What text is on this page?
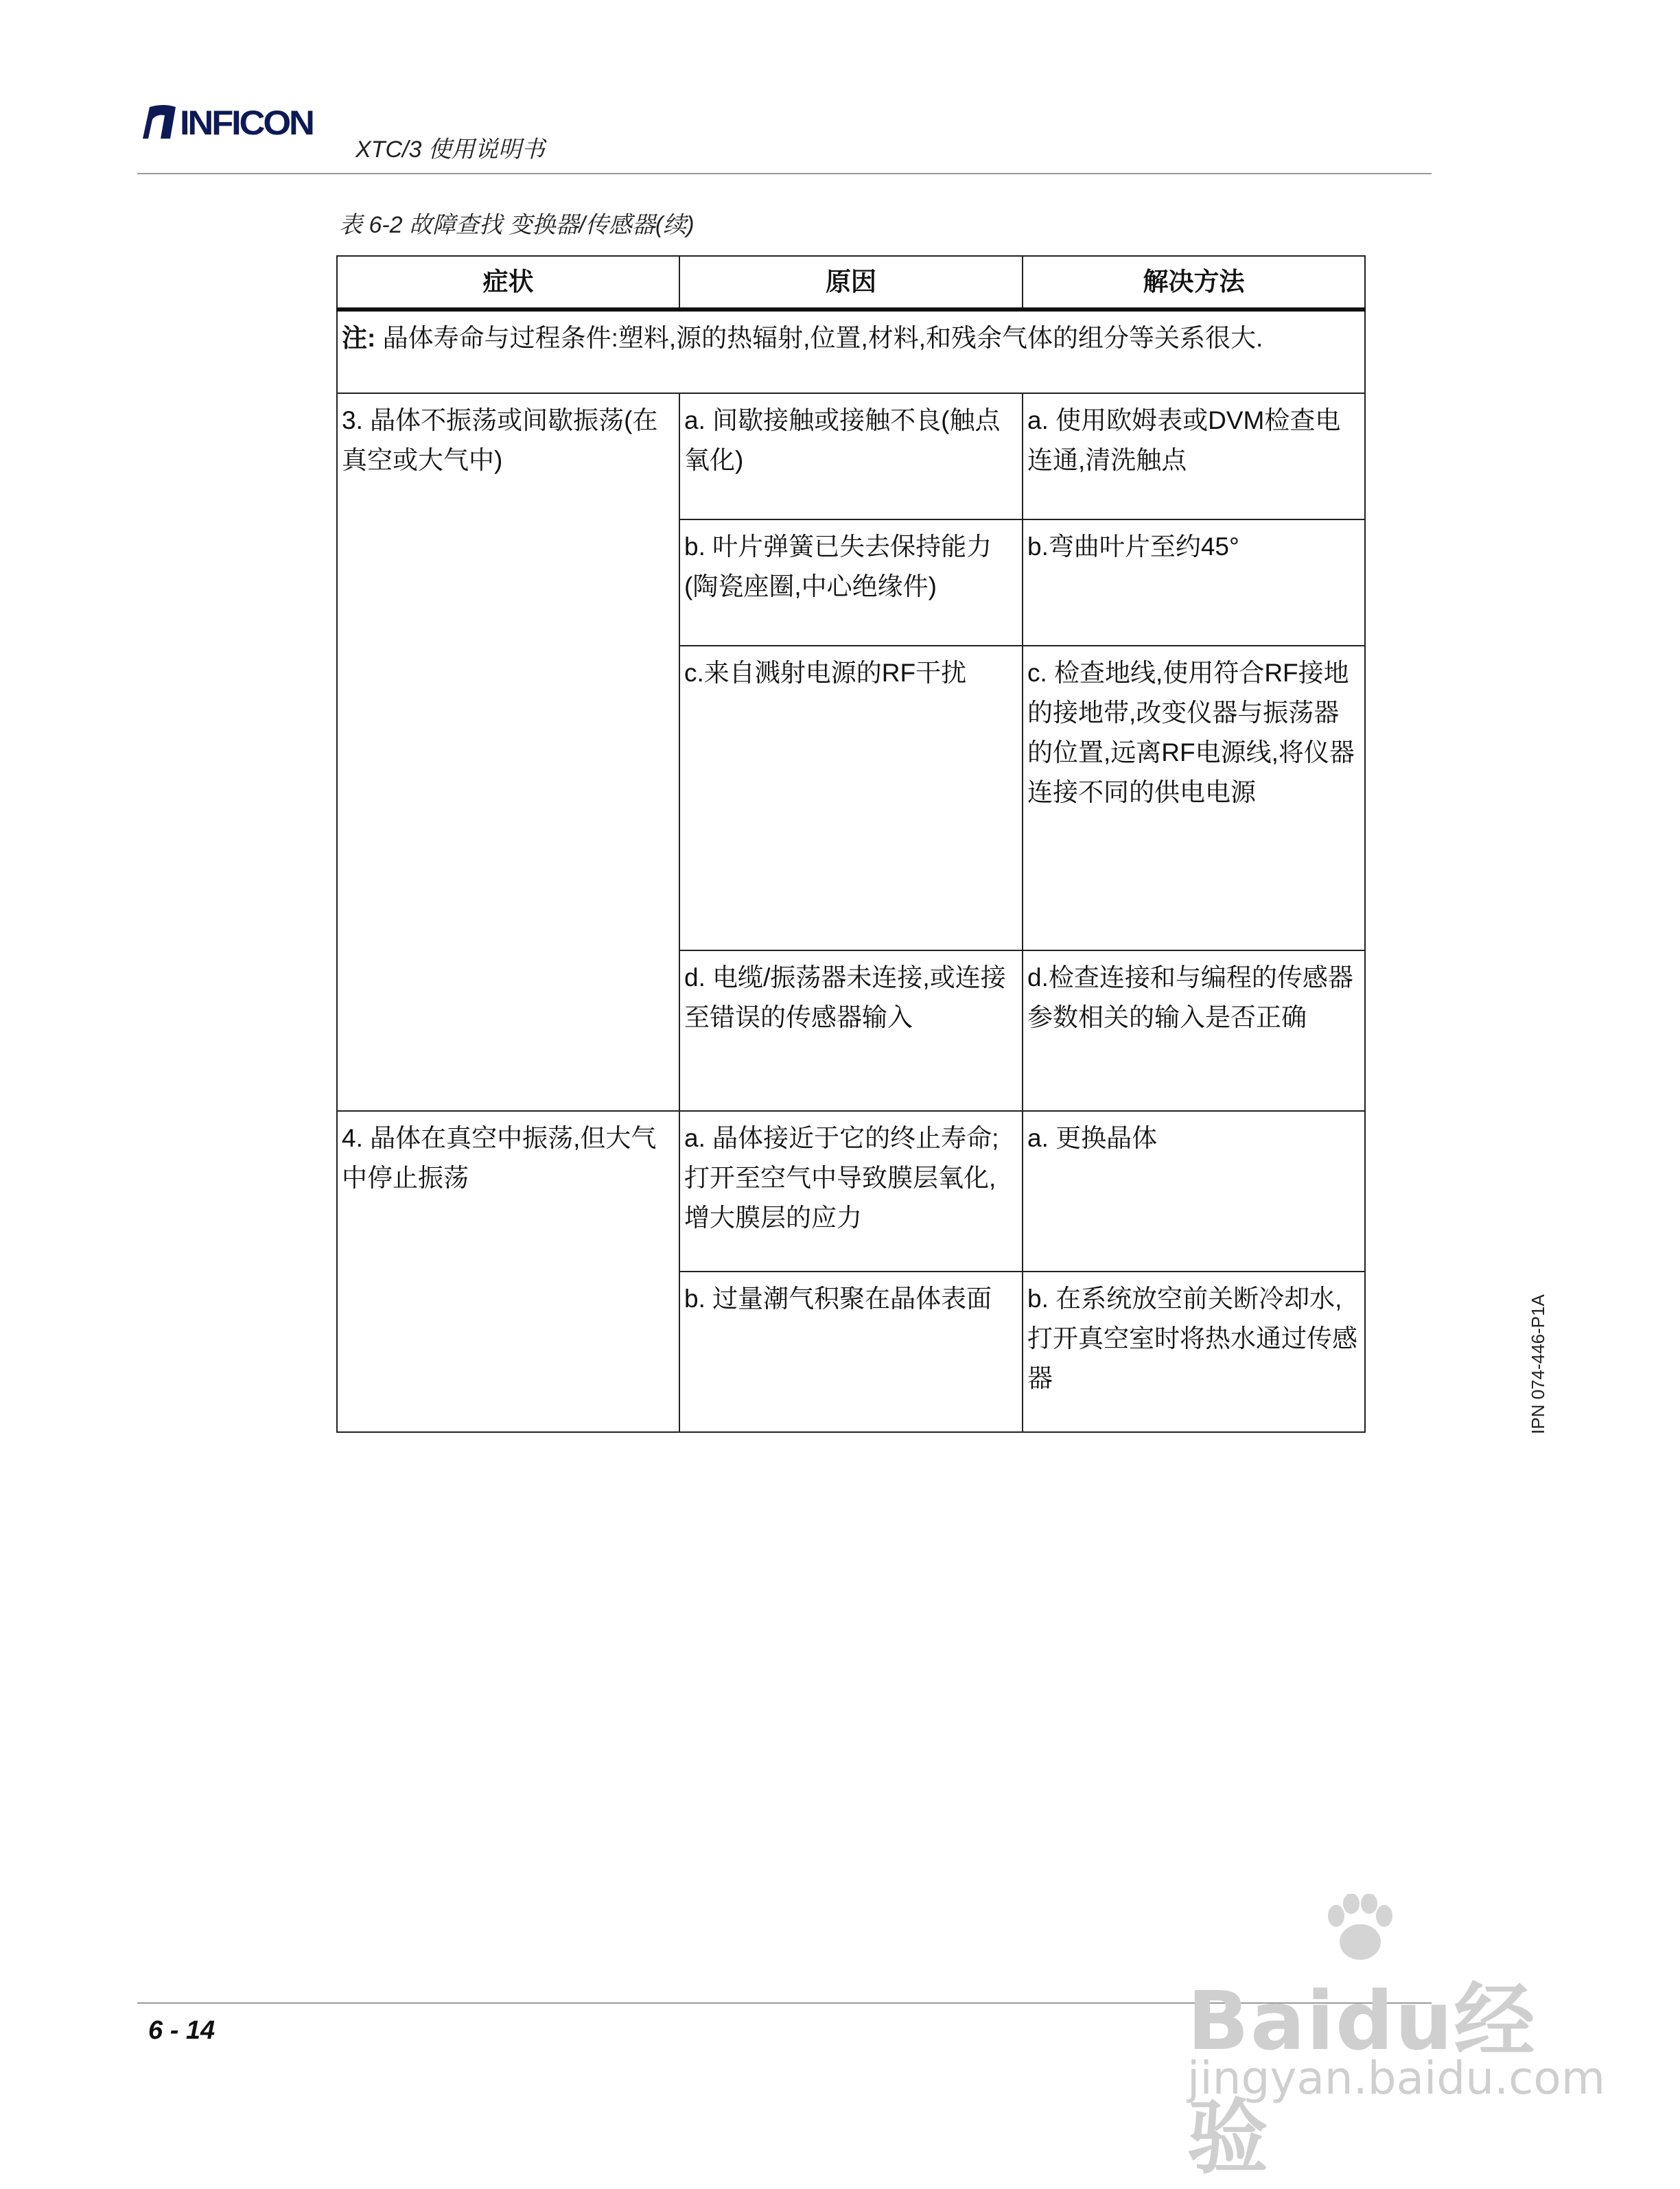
INFICON
XTC/3 使用说明书
表 6-2 故障查找 变换器/传感器(续)
症状	原因	解决方法
注: 晶体寿命与过程条件:塑料,源的热辐射,位置,材料,和残余气体的组分等关系很大.		
3. 晶体不振荡或间歇振荡(在真空或大气中)	a. 间歇接触或接触不良(触点氧化)	a. 使用欧姆表或DVM检查电连通,清洗触点
	b. 叶片弹簧已失去保持能力(陶瓷座圈,中心绝缘件)	b.弯曲叶片至约45°
	c.来自溅射电源的RF干扰	c. 检查地线,使用符合RF接地的接地带,改变仪器与振荡器的位置,远离RF电源线,将仪器连接不同的供电电源
	d. 电缆/振荡器未连接,或连接至错误的传感器输入	d.检查连接和与编程的传感器参数相关的输入是否正确
4. 晶体在真空中振荡,但大气中停止振荡	a. 晶体接近于它的终止寿命; 打开至空气中导致膜层氧化,增大膜层的应力	a. 更换晶体
	b. 过量潮气积聚在晶体表面	b. 在系统放空前关断冷却水,打开真空室时将热水通过传感器	IPN 074-446-P1A
6 - 14	Baidu经验
jingyan.baidu.com
